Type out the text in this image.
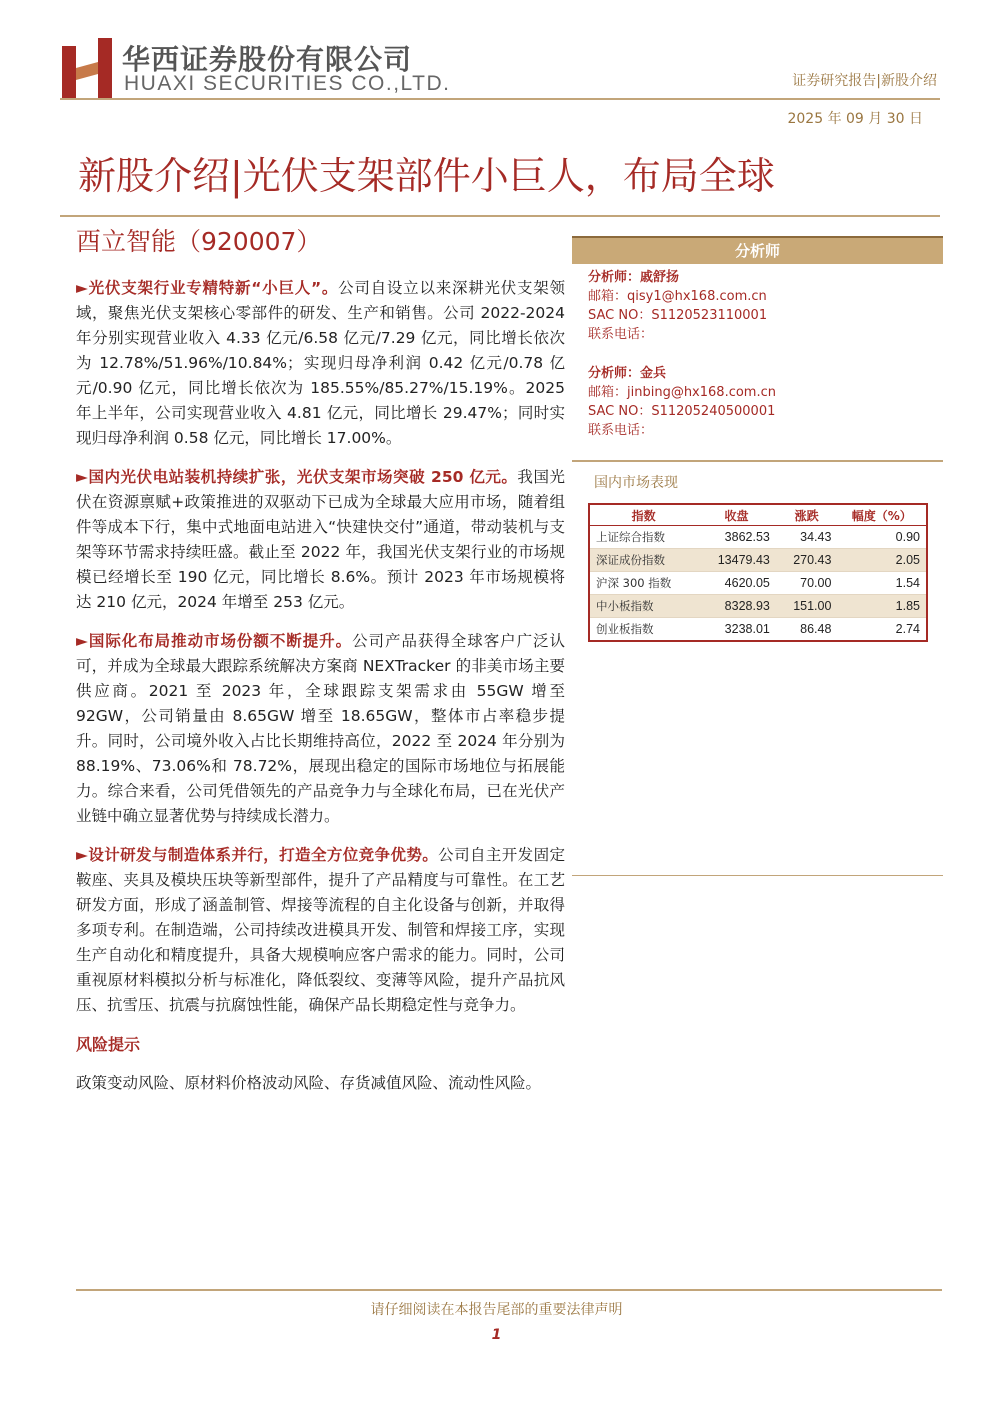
华西证券股份有限公司
HUAXI SECURITIES CO.,LTD.	证券研究报告|新股介绍
2025 年 09 月 30 日
新股介绍|光伏支架部件小巨人，布局全球
酉立智能（920007）

►光伏支架行业专精特新“小巨人”。公司自设立以来深耕光伏支架领域，聚焦光伏支架核心零部件的研发、生产和销售。公司 2022-2024 年分别实现营业收入 4.33 亿元/6.58 亿元/7.29 亿元，同比增长依次为 12.78%/51.96%/10.84%；实现归母净利润 0.42 亿元/0.78 亿元/0.90 亿元，同比增长依次为 185.55%/85.27%/15.19%。2025 年上半年，公司实现营业收入 4.81 亿元，同比增长 29.47%；同时实现归母净利润 0.58 亿元，同比增长 17.00%。

►国内光伏电站装机持续扩张，光伏支架市场突破 250 亿元。我国光伏在资源禀赋+政策推进的双驱动下已成为全球最大应用市场，随着组件等成本下行，集中式地面电站进入“快建快交付”通道，带动装机与支架等环节需求持续旺盛。截止至 2022 年，我国光伏支架行业的市场规模已经增长至 190 亿元，同比增长 8.6%。预计 2023 年市场规模将达 210 亿元，2024 年增至 253 亿元。

►国际化布局推动市场份额不断提升。公司产品获得全球客户广泛认可，并成为全球最大跟踪系统解决方案商 NEXTracker 的非美市场主要供应商。2021 至 2023 年，全球跟踪支架需求由 55GW 增至 92GW，公司销量由 8.65GW 增至 18.65GW，整体市占率稳步提升。同时，公司境外收入占比长期维持高位，2022 至 2024 年分别为 88.19%、73.06%和 78.72%，展现出稳定的国际市场地位与拓展能力。综合来看，公司凭借领先的产品竞争力与全球化布局，已在光伏产业链中确立显著优势与持续成长潜力。

►设计研发与制造体系并行，打造全方位竞争优势。公司自主开发固定鞍座、夹具及模块压块等新型部件，提升了产品精度与可靠性。在工艺研发方面，形成了涵盖制管、焊接等流程的自主化设备与创新，并取得多项专利。在制造端，公司持续改进模具开发、制管和焊接工序，实现生产自动化和精度提升，具备大规模响应客户需求的能力。同时，公司重视原材料模拟分析与标准化，降低裂纹、变薄等风险，提升产品抗风压、抗雪压、抗震与抗腐蚀性能，确保产品长期稳定性与竞争力。

风险提示

政策变动风险、原材料价格波动风险、存货减值风险、流动性风险。

分析师
分析师：戚舒扬
邮箱：qisy1@hx168.com.cn
SAC NO：S1120523110001
联系电话：
分析师：金兵
邮箱：jinbing@hx168.com.cn
SAC NO：S1120524050000​1
联系电话：
国内市场表现
指数	收盘	涨跌	幅度（%）
上证综合指数	3862.53	34.43	0.90
深证成份指数	13479.43	270.43	2.05
沪深 300 指数	4620.05	70.00	1.54
中小板指数	8328.93	151.00	1.85
创业板指数	3238.01	86.48	2.74
请仔细阅读在本报告尾部的重要法律声明
1
